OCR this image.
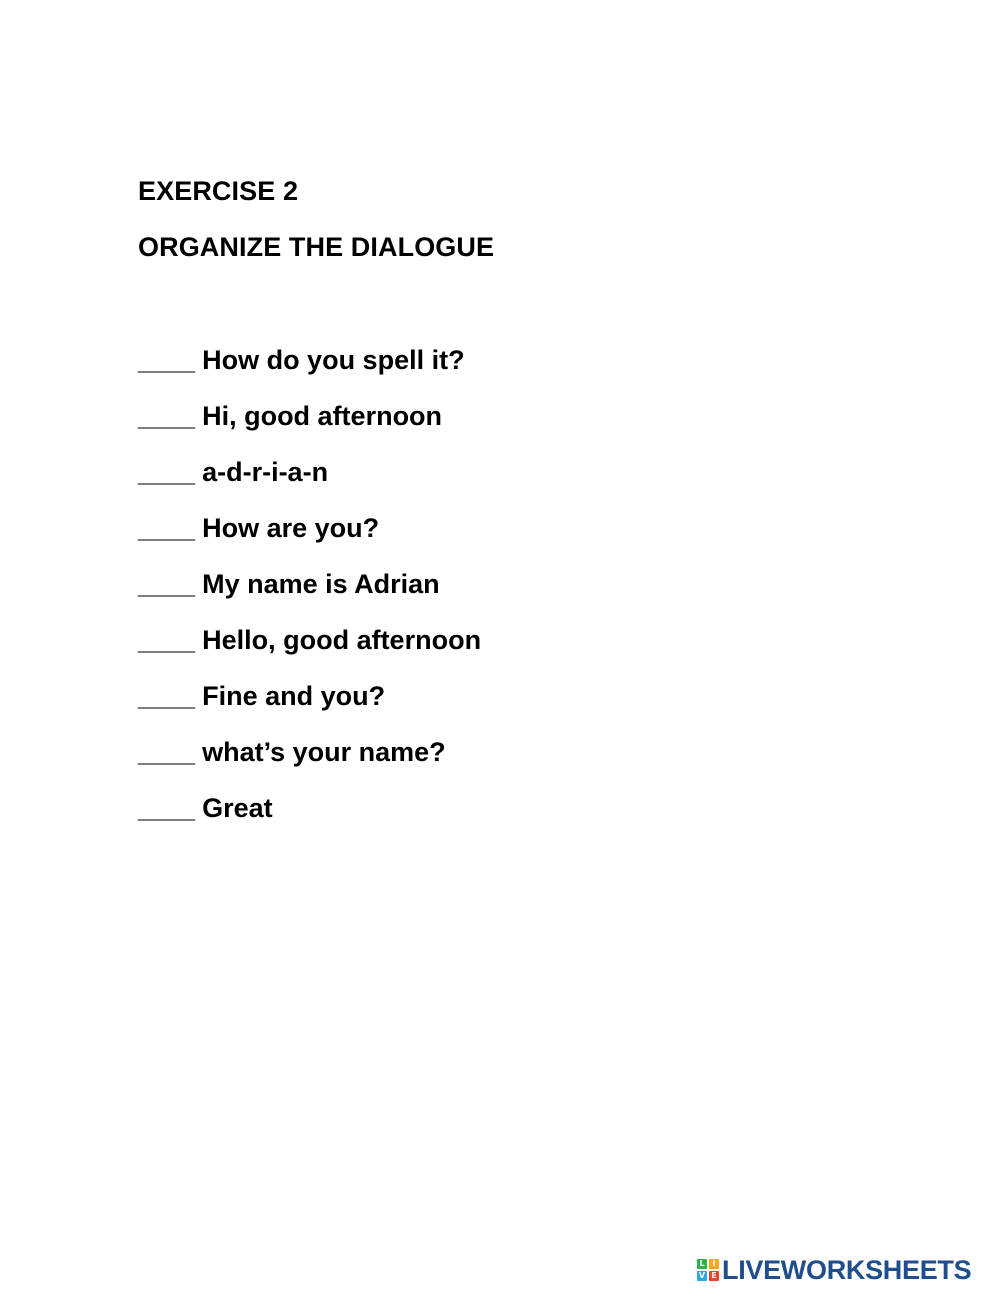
EXERCISE 2
ORGANIZE THE DIALOGUE
____ How do you spell it?
____ Hi, good afternoon
____ a-d-r-i-a-n
____ How are you?
____ My name is Adrian
____ Hello, good afternoon
____ Fine and you?
____ what’s your name?
____ Great
L I
V E LIVEWORKSHEETS
